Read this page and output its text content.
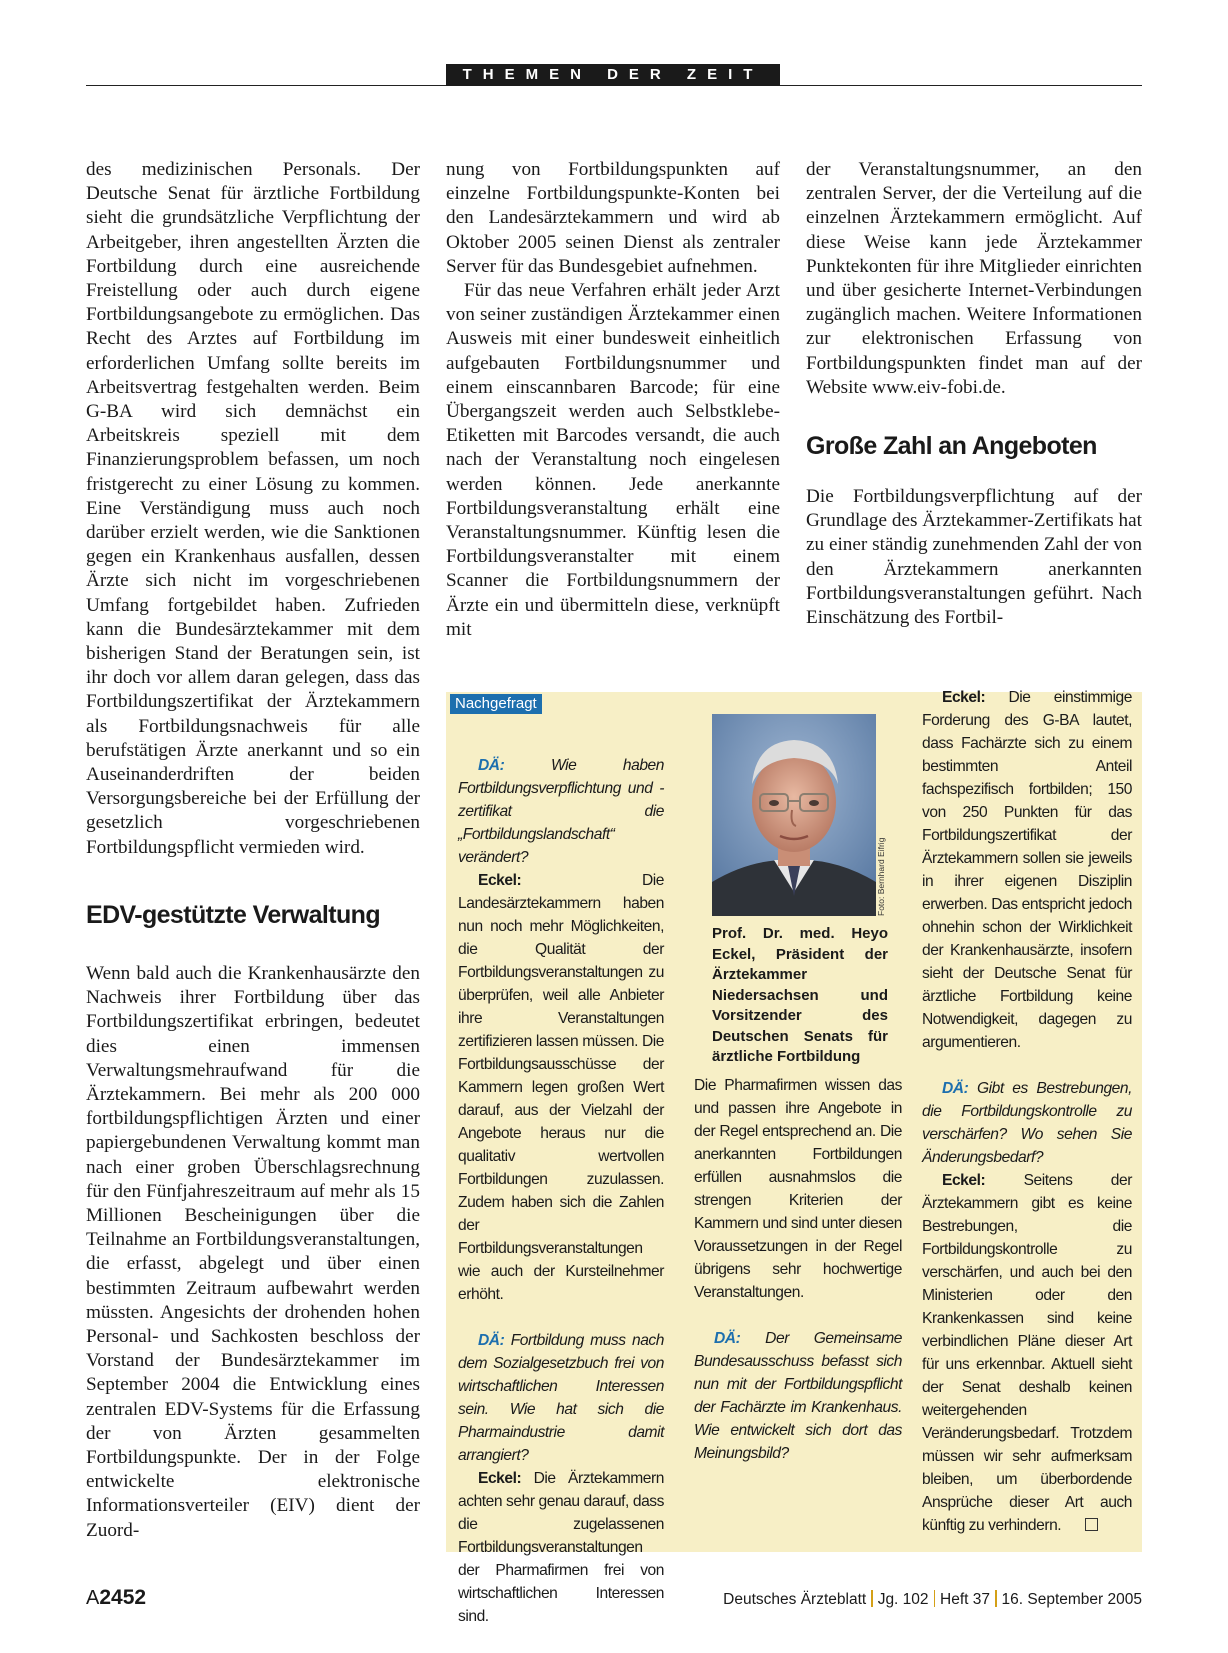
THEMEN DER ZEIT

des medizinischen Personals. Der Deutsche Senat für ärztliche Fortbildung sieht die grundsätzliche Verpflichtung der Arbeitgeber, ihren angestellten Ärzten die Fortbildung durch eine ausreichende Freistellung oder auch durch eigene Fortbildungsangebote zu ermöglichen. Das Recht des Arztes auf Fortbildung im erforderlichen Umfang sollte bereits im Arbeitsvertrag festgehalten werden. Beim G-BA wird sich demnächst ein Arbeitskreis speziell mit dem Finanzierungsproblem befassen, um noch fristgerecht zu einer Lösung zu kommen. Eine Verständigung muss auch noch darüber erzielt werden, wie die Sanktionen gegen ein Krankenhaus ausfallen, dessen Ärzte sich nicht im vorgeschriebenen Umfang fortgebildet haben. Zufrieden kann die Bundesärztekammer mit dem bisherigen Stand der Beratungen sein, ist ihr doch vor allem daran gelegen, dass das Fortbildungszertifikat der Ärztekammern als Fortbildungsnachweis für alle berufstätigen Ärzte anerkannt und so ein Auseinanderdriften der beiden Versorgungsbereiche bei der Erfüllung der gesetzlich vorgeschriebenen Fortbildungspflicht vermieden wird.

EDV-gestützte Verwaltung

Wenn bald auch die Krankenhausärzte den Nachweis ihrer Fortbildung über das Fortbildungszertifikat erbringen, bedeutet dies einen immensen Verwaltungsmehraufwand für die Ärztekammern. Bei mehr als 200 000 fortbildungspflichtigen Ärzten und einer papiergebundenen Verwaltung kommt man nach einer groben Überschlagsrechnung für den Fünfjahreszeitraum auf mehr als 15 Millionen Bescheinigungen über die Teilnahme an Fortbildungsveranstaltungen, die erfasst, abgelegt und über einen bestimmten Zeitraum aufbewahrt werden müssten. Angesichts der drohenden hohen Personal- und Sachkosten beschloss der Vorstand der Bundesärztekammer im September 2004 die Entwicklung eines zentralen EDV-Systems für die Erfassung der von Ärzten gesammelten Fortbildungspunkte. Der in der Folge entwickelte elektronische Informationsverteiler (EIV) dient der Zuord-

nung von Fortbildungspunkten auf einzelne Fortbildungspunkte-Konten bei den Landesärztekammern und wird ab Oktober 2005 seinen Dienst als zentraler Server für das Bundesgebiet aufnehmen.

Für das neue Verfahren erhält jeder Arzt von seiner zuständigen Ärztekammer einen Ausweis mit einer bundesweit einheitlich aufgebauten Fortbildungsnummer und einem einscannbaren Barcode; für eine Übergangszeit werden auch Selbstklebe-Etiketten mit Barcodes versandt, die auch nach der Veranstaltung noch eingelesen werden können. Jede anerkannte Fortbildungsveranstaltung erhält eine Veranstaltungsnummer. Künftig lesen die Fortbildungsveranstalter mit einem Scanner die Fortbildungsnummern der Ärzte ein und übermitteln diese, verknüpft mit

der Veranstaltungsnummer, an den zentralen Server, der die Verteilung auf die einzelnen Ärztekammern ermöglicht. Auf diese Weise kann jede Ärztekammer Punktekonten für ihre Mitglieder einrichten und über gesicherte Internet-Verbindungen zugänglich machen. Weitere Informationen zur elektronischen Erfassung von Fortbildungspunkten findet man auf der Website www.eiv-fobi.de.

Große Zahl an Angeboten

Die Fortbildungsverpflichtung auf der Grundlage des Ärztekammer-Zertifikats hat zu einer ständig zunehmenden Zahl der von den Ärztekammern anerkannten Fortbildungsveranstaltungen geführt. Nach Einschätzung des Fortbil-

Nachgefragt

DÄ:	Wie haben Fortbildungsverpflichtung und -zertifikat die „Fortbildungslandschaft“ verändert?

Eckel:	Die Landesärztekammern haben nun noch mehr Möglichkeiten, die Qualität der Fortbildungsveranstaltungen zu überprüfen, weil alle Anbieter ihre Veranstaltungen zertifizieren lassen müssen. Die Fortbildungsausschüsse der Kammern legen großen Wert darauf, aus der Vielzahl der Angebote heraus nur die qualitativ wertvollen Fortbildungen zuzulassen. Zudem haben sich die Zahlen der Fortbildungsveranstaltungen wie auch der Kursteilnehmer erhöht.

DÄ: Fortbildung muss nach dem Sozialgesetzbuch frei von wirtschaftlichen Interessen sein. Wie hat sich die Pharmaindustrie damit arrangiert?

Eckel: Die Ärztekammern achten sehr genau darauf, dass die zugelassenen Fortbildungsveranstaltungen der Pharmafirmen frei von wirtschaftlichen Interessen sind.

Foto: Bernhard Eifrig
Prof. Dr. med. Heyo Eckel, Präsident der Ärztekammer Niedersachsen und Vorsitzender des Deutschen Senats für ärztliche Fortbildung

Die Pharmafirmen wissen das und passen ihre Angebote in der Regel entsprechend an. Die anerkannten Fortbildungen erfüllen ausnahmslos die strengen Kriterien der Kammern und sind unter diesen Voraussetzungen in der Regel übrigens sehr hochwertige Veranstaltungen.

DÄ: Der Gemeinsame Bundesausschuss befasst sich nun mit der Fortbildungspflicht der Fachärzte im Krankenhaus. Wie entwickelt sich dort das Meinungsbild?

Eckel: Die einstimmige Forderung des G-BA lautet, dass Fachärzte sich zu einem bestimmten Anteil fachspezifisch fortbilden; 150 von 250 Punkten für das Fortbildungszertifikat der Ärztekammern sollen sie jeweils in ihrer eigenen Disziplin erwerben. Das entspricht jedoch ohnehin schon der Wirklichkeit der Krankenhausärzte, insofern sieht der Deutsche Senat für ärztliche Fortbildung keine Notwendigkeit, dagegen zu argumentieren.

DÄ: Gibt es Bestrebungen, die Fortbildungskontrolle zu verschärfen? Wo sehen Sie Änderungsbedarf?

Eckel: Seitens der Ärztekammern gibt es keine Bestrebungen, die Fortbildungskontrolle zu verschärfen, und auch bei den Ministerien oder den Krankenkassen sind keine verbindlichen Pläne dieser Art für uns erkennbar. Aktuell sieht der Senat deshalb keinen weitergehenden Veränderungsbedarf. Trotzdem müssen wir sehr aufmerksam bleiben, um überbordende Ansprüche dieser Art auch künftig zu verhindern.

A2452	Deutsches Ärzteblatt Jg. 102 Heft 37 16. September 2005
